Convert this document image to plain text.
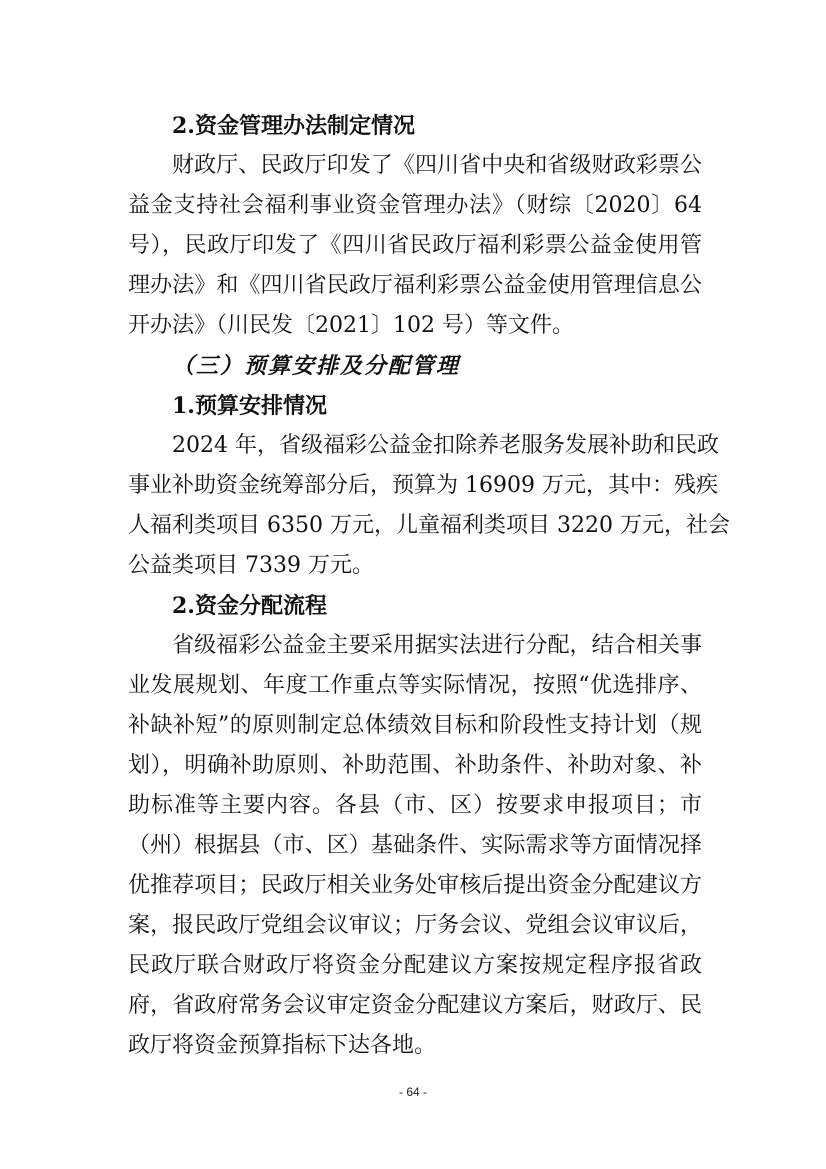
2.资金管理办法制定情况
财政厅、民政厅印发了《四川省中央和省级财政彩票公
益金支持社会福利事业资金管理办法》（财综〔2020〕64
号），民政厅印发了《四川省民政厅福利彩票公益金使用管
理办法》和《四川省民政厅福利彩票公益金使用管理信息公
开办法》（川民发〔2021〕102 号）等文件。
（三）预算安排及分配管理
1.预算安排情况
2024 年，省级福彩公益金扣除养老服务发展补助和民政
事业补助资金统筹部分后，预算为 16909 万元，其中：残疾
人福利类项目 6350 万元，儿童福利类项目 3220 万元，社会
公益类项目 7339 万元。
2.资金分配流程
省级福彩公益金主要采用据实法进行分配，结合相关事
业发展规划、年度工作重点等实际情况，按照“优选排序、
补缺补短”的原则制定总体绩效目标和阶段性支持计划（规
划），明确补助原则、补助范围、补助条件、补助对象、补
助标准等主要内容。各县（市、区）按要求申报项目；市
（州）根据县（市、区）基础条件、实际需求等方面情况择
优推荐项目；民政厅相关业务处审核后提出资金分配建议方
案，报民政厅党组会议审议；厅务会议、党组会议审议后，
民政厅联合财政厅将资金分配建议方案按规定程序报省政
府，省政府常务会议审定资金分配建议方案后，财政厅、民
政厅将资金预算指标下达各地。
- 64 -
